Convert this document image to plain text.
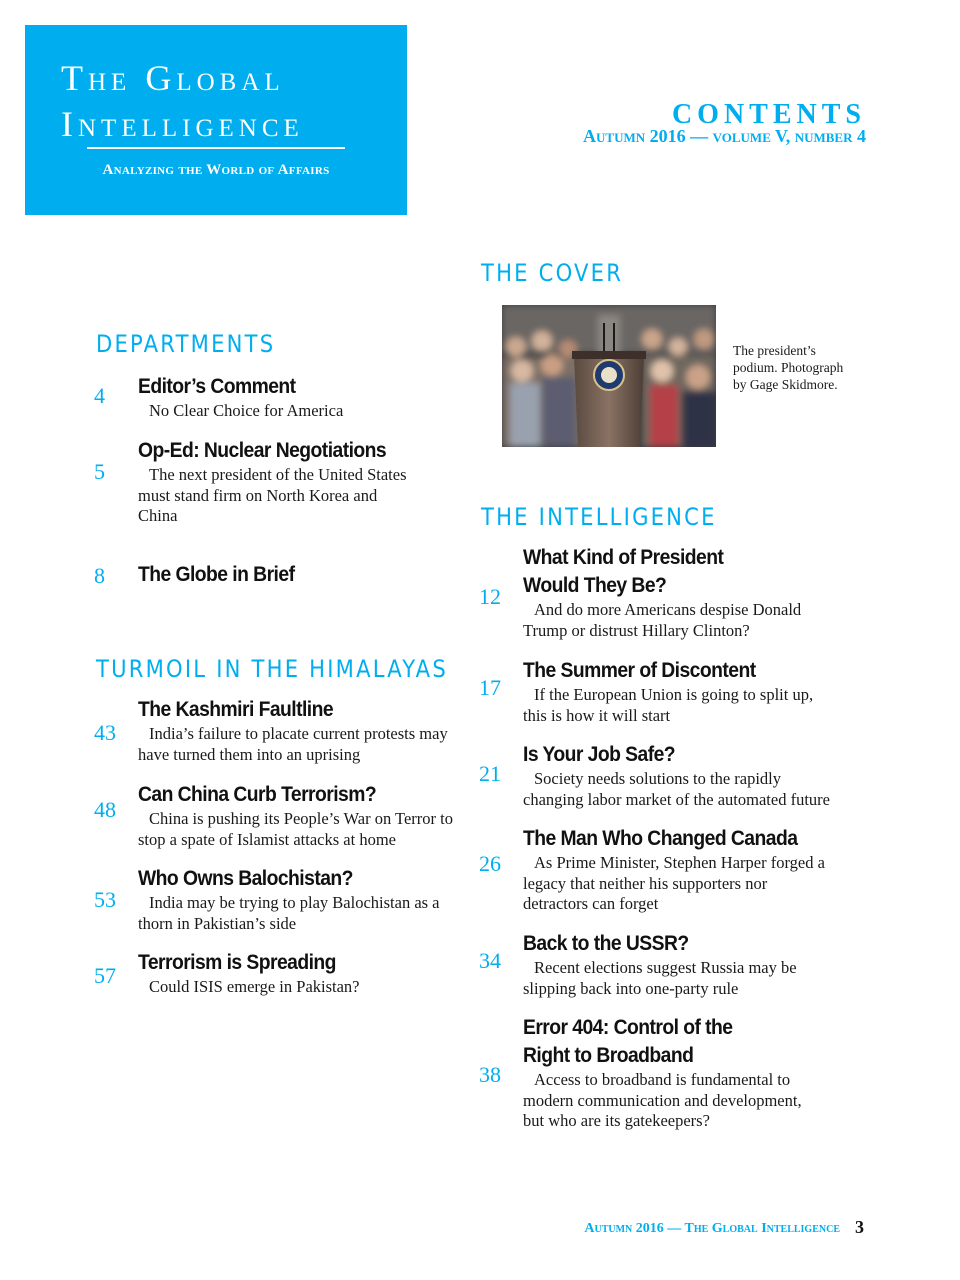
The Global
Intelligence
Analyzing the World of Affairs
contents
Autumn 2016 — volume V, number 4
DEPARTMENTS
4 Editor’s Comment
No Clear Choice for America
5
Op-Ed: Nuclear Negotiations
The next president of the United States must stand firm on North Korea and China
8 The Globe in Brief
TURMOIL IN THE HIMALAYAS
43
The Kashmiri Faultline
India’s failure to placate current protests may have turned them into an uprising
48
Can China Curb Terrorism?
China is pushing its People’s War on Terror to stop a spate of Islamist attacks at home
53
Who Owns Balochistan?
India may be trying to play Balochistan as a thorn in Pakistian’s side
57
Terrorism is Spreading
Could ISIS emerge in Pakistan?
THE COVER
The president’s podium. Photograph by Gage Skidmore.
THE INTELLIGENCE
12
What Kind of President
Would They Be?
And do more Americans despise Donald Trump or distrust Hillary Clinton?
17
The Summer of Discontent
If the European Union is going to split up, this is how it will start
21
Is Your Job Safe?
Society needs solutions to the rapidly changing labor market of the automated future
26
The Man Who Changed Canada
As Prime Minister, Stephen Harper forged a legacy that neither his supporters nor detractors can forget
34
Back to the USSR?
Recent elections suggest Russia may be slipping back into one-party rule
38
Error 404: Control of the
Right to Broadband
Access to broadband is fundamental to modern communication and development, but who are its gatekeepers?
Autumn 2016 — The Global Intelligence 3
